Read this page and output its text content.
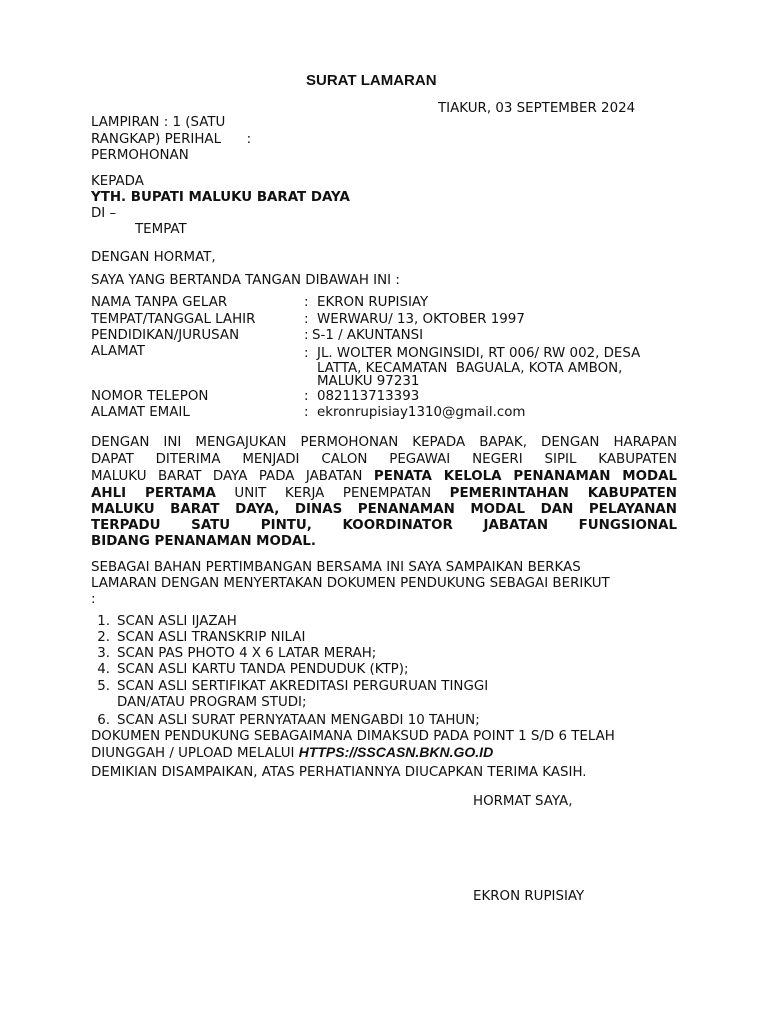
SURAT LAMARAN
TIAKUR, 03 SEPTEMBER 2024
LAMPIRAN : 1 (SATU
RANGKAP) PERIHAL      :
PERMOHONAN
KEPADA
YTH. BUPATI MALUKU BARAT DAYA
DI –
TEMPAT
DENGAN HORMAT,
SAYA YANG BERTANDA TANGAN DIBAWAH INI :
NAMA TANPA GELAR	: EKRON RUPISIAY
TEMPAT/TANGGAL LAHIR	: WERWARU/ 13, OKTOBER 1997
PENDIDIKAN/JURUSAN	: S-1 / AKUNTANSI
ALAMAT	: JL. WOLTER MONGINSIDI, RT 006/ RW 002, DESA
LATTA, KECAMATAN  BAGUALA, KOTA AMBON,
MALUKU 97231
NOMOR TELEPON	: 082113713393
ALAMAT EMAIL	: ekronrupisiay1310@gmail.com
DENGAN INI MENGAJUKAN PERMOHONAN KEPADA BAPAK, DENGAN HARAPAN
DAPAT DITERIMA MENJADI CALON PEGAWAI NEGERI SIPIL KABUPATEN
MALUKU BARAT DAYA PADA JABATAN PENATA KELOLA PENANAMAN MODAL
AHLI PERTAMA UNIT KERJA PENEMPATAN PEMERINTAHAN KABUPATEN
MALUKU BARAT DAYA, DINAS PENANAMAN MODAL DAN PELAYANAN
TERPADU SATU PINTU, KOORDINATOR JABATAN FUNGSIONAL
BIDANG PENANAMAN MODAL.
SEBAGAI BAHAN PERTIMBANGAN BERSAMA INI SAYA SAMPAIKAN BERKAS
LAMARAN DENGAN MENYERTAKAN DOKUMEN PENDUKUNG SEBAGAI BERIKUT
:
1. SCAN ASLI IJAZAH
2. SCAN ASLI TRANSKRIP NILAI
3. SCAN PAS PHOTO 4 X 6 LATAR MERAH;
4. SCAN ASLI KARTU TANDA PENDUDUK (KTP);
5. SCAN ASLI SERTIFIKAT AKREDITASI PERGURUAN TINGGI
DAN/ATAU PROGRAM STUDI;
6. SCAN ASLI SURAT PERNYATAAN MENGABDI 10 TAHUN;
DOKUMEN PENDUKUNG SEBAGAIMANA DIMAKSUD PADA POINT 1 S/D 6 TELAH
DIUNGGAH / UPLOAD MELALUI HTTPS://SSCASN.BKN.GO.ID
DEMIKIAN DISAMPAIKAN, ATAS PERHATIANNYA DIUCAPKAN TERIMA KASIH.
HORMAT SAYA,
EKRON RUPISIAY
